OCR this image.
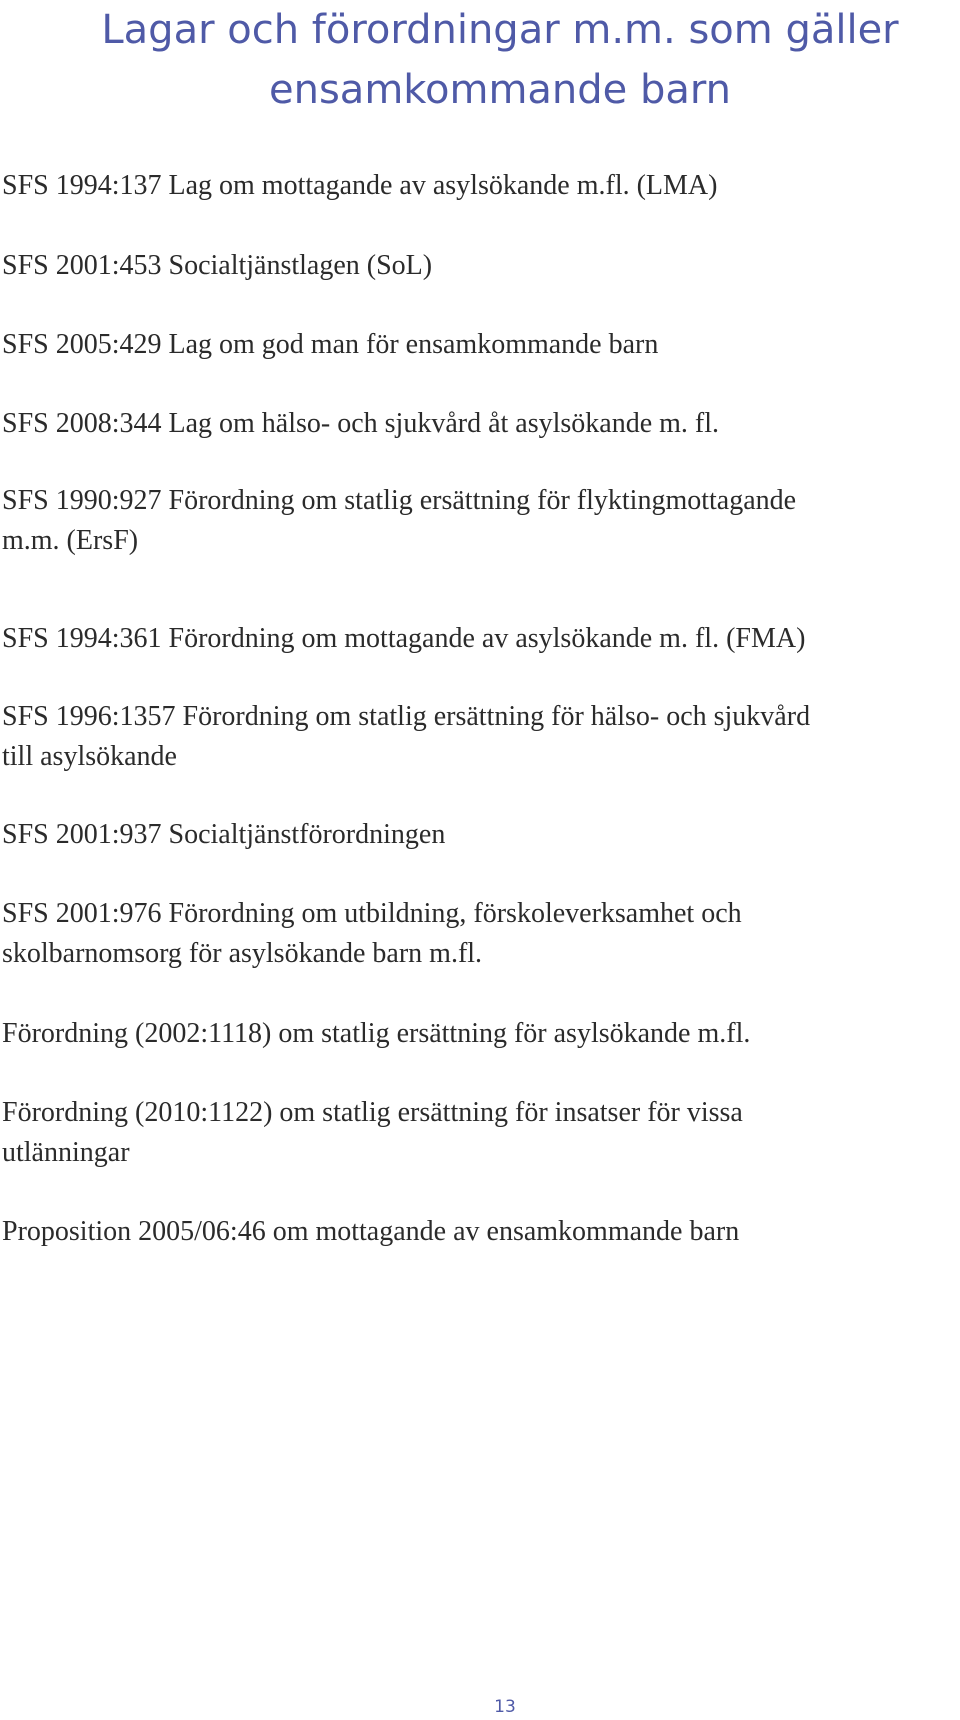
Lagar och förordningar m.m. som gäller
ensamkommande barn
SFS 1994:137 Lag om mottagande av asylsökande m.fl. (LMA)
SFS 2001:453 Socialtjänstlagen (SoL)
SFS 2005:429 Lag om god man för ensamkommande barn
SFS 2008:344 Lag om hälso- och sjukvård åt asylsökande m. fl.
SFS 1990:927 Förordning om statlig ersättning för flyktingmottagande
m.m. (ErsF)
SFS 1994:361 Förordning om mottagande av asylsökande m. fl. (FMA)
SFS 1996:1357 Förordning om statlig ersättning för hälso- och sjukvård
till asylsökande
SFS 2001:937 Socialtjänstförordningen
SFS 2001:976 Förordning om utbildning, förskoleverksamhet och
skolbarnomsorg för asylsökande barn m.fl.
Förordning (2002:1118) om statlig ersättning för asylsökande m.fl.
Förordning (2010:1122) om statlig ersättning för insatser för vissa
utlänningar
Proposition 2005/06:46 om mottagande av ensamkommande barn
13
